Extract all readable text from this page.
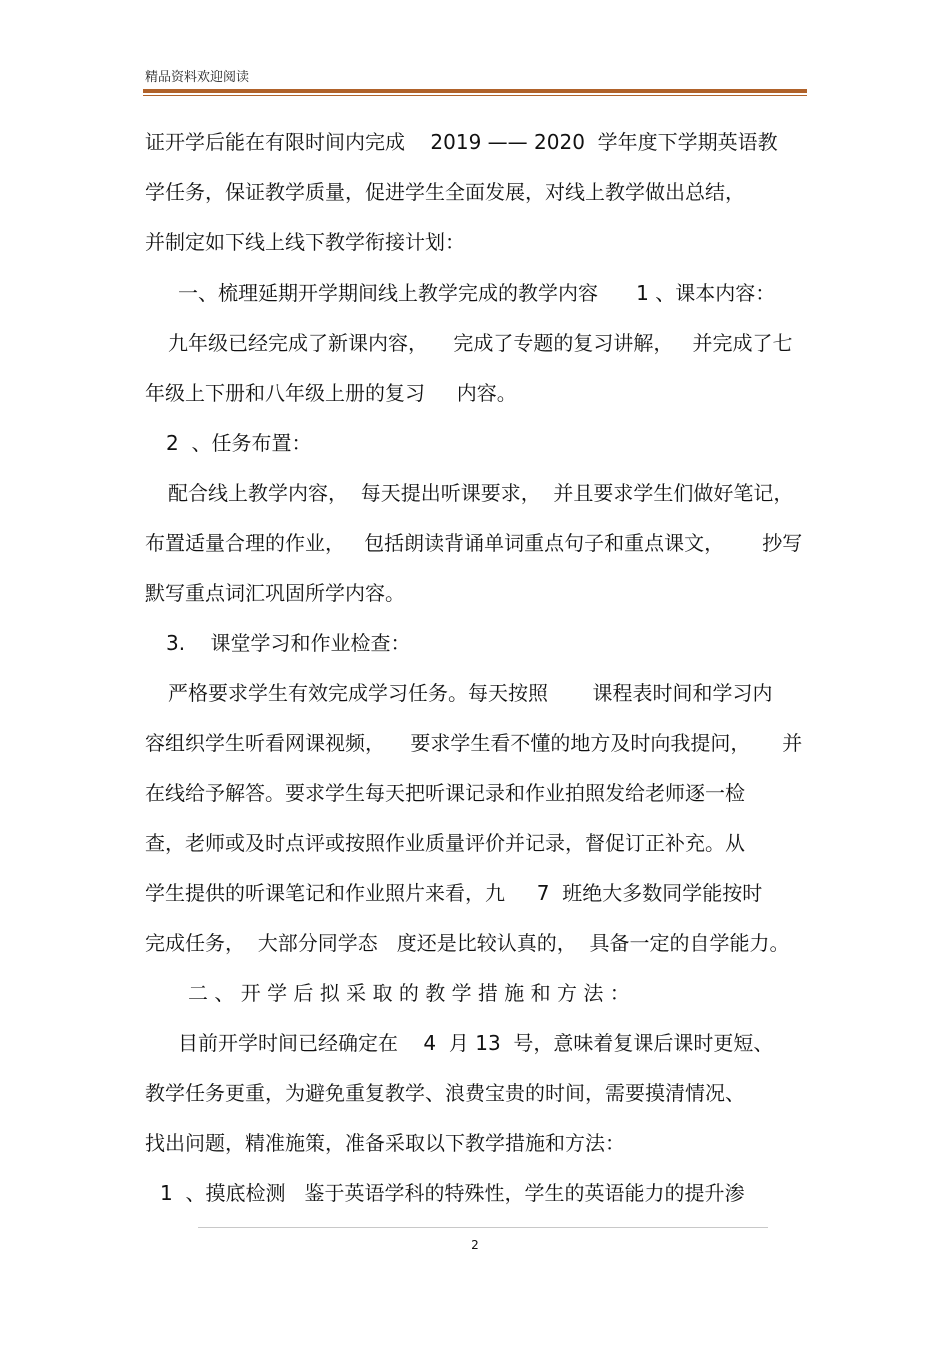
精品资料欢迎阅读
证开学后能在有限时间内完成    2019 —— 2020  学年度下学期英语教
学任务，保证教学质量，促进学生全面发展，对线上教学做出总结，
并制定如下线上线下教学衔接计划：
一、梳理延期开学期间线上教学完成的教学内容      1 、课本内容：
九年级已经完成了新课内容，    完成了专题的复习讲解，   并完成了七
年级上下册和八年级上册的复习     内容。
2  、任务布置：
配合线上教学内容，  每天提出听课要求，  并且要求学生们做好笔记，
布置适量合理的作业，   包括朗读背诵单词重点句子和重点课文，      抄写
默写重点词汇巩固所学内容。
3.    课堂学习和作业检查：
严格要求学生有效完成学习任务。每天按照       课程表时间和学习内
容组织学生听看网课视频，    要求学生看不懂的地方及时向我提问，     并
在线给予解答。要求学生每天把听课记录和作业拍照发给老师逐一检
查，老师或及时点评或按照作业质量评价并记录，督促订正补充。从
学生提供的听课笔记和作业照片来看，九     7  班绝大多数同学能按时
完成任务，  大部分同学态   度还是比较认真的，  具备一定的自学能力。
二 、 开 学 后 拟 采 取 的 教 学 措 施 和 方 法 ：
目前开学时间已经确定在    4  月 13  号，意味着复课后课时更短、
教学任务更重，为避免重复教学、浪费宝贵的时间，需要摸清情况、
找出问题，精准施策，准备采取以下教学措施和方法：
1  、摸底检测   鉴于英语学科的特殊性，学生的英语能力的提升渗
2
